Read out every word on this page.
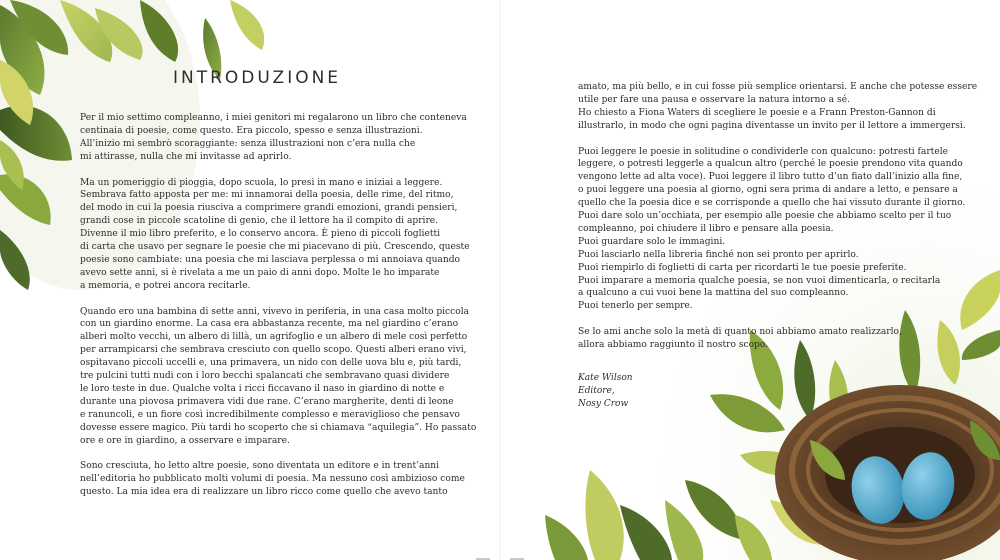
INTRODUZIONE

Per il mio settimo compleanno, i miei genitori mi regalarono un libro che conteneva
centinaia di poesie, come questo. Era piccolo, spesso e senza illustrazioni.
All’inizio mi sembrò scoraggiante: senza illustrazioni non c’era nulla che
mi attirasse, nulla che mi invitasse ad aprirlo.

Ma un pomeriggio di pioggia, dopo scuola, lo presi in mano e iniziai a leggere.
Sembrava fatto apposta per me: mi innamorai della poesia, delle rime, del ritmo,
del modo in cui la poesia riusciva a comprimere grandi emozioni, grandi pensieri,
grandi cose in piccole scatoline di genio, che il lettore ha il compito di aprire.
Divenne il mio libro preferito, e lo conservo ancora. È pieno di piccoli foglietti
di carta che usavo per segnare le poesie che mi piacevano di più. Crescendo, queste
poesie sono cambiate: una poesia che mi lasciava perplessa o mi annoiava quando
avevo sette anni, si è rivelata a me un paio di anni dopo. Molte le ho imparate
a memoria, e potrei ancora recitarle.

Quando ero una bambina di sette anni, vivevo in periferia, in una casa molto piccola
con un giardino enorme. La casa era abbastanza recente, ma nel giardino c’erano
alberi molto vecchi, un albero di lillà, un agrifoglio e un albero di mele così perfetto
per arrampicarsi che sembrava cresciuto con quello scopo. Questi alberi erano vivi,
ospitavano piccoli uccelli e, una primavera, un nido con delle uova blu e, più tardi,
tre pulcini tutti nudi con i loro becchi spalancati che sembravano quasi dividere
le loro teste in due. Qualche volta i ricci ficcavano il naso in giardino di notte e
durante una piovosa primavera vidi due rane. C’erano margherite, denti di leone
e ranuncoli, e un fiore così incredibilmente complesso e meraviglioso che pensavo
dovesse essere magico. Più tardi ho scoperto che si chiamava “aquilegia”. Ho passato
ore e ore in giardino, a osservare e imparare.

Sono cresciuta, ho letto altre poesie, sono diventata un editore e in trent’anni
nell’editoria ho pubblicato molti volumi di poesia. Ma nessuno così ambizioso come
questo. La mia idea era di realizzare un libro ricco come quello che avevo tanto

amato, ma più bello, e in cui fosse più semplice orientarsi. E anche che potesse essere
utile per fare una pausa e osservare la natura intorno a sé.
Ho chiesto a Fiona Waters di scegliere le poesie e a Frann Preston-Gannon di
illustrarlo, in modo che ogni pagina diventasse un invito per il lettore a immergersi.

Puoi leggere le poesie in solitudine o condividerle con qualcuno: potresti fartele
leggere, o potresti leggerle a qualcun altro (perché le poesie prendono vita quando
vengono lette ad alta voce). Puoi leggere il libro tutto d’un fiato dall’inizio alla fine,
o puoi leggere una poesia al giorno, ogni sera prima di andare a letto, e pensare a
quello che la poesia dice e se corrisponde a quello che hai vissuto durante il giorno.
Puoi dare solo un’occhiata, per esempio alle poesie che abbiamo scelto per il tuo
compleanno, poi chiudere il libro e pensare alla poesia.
Puoi guardare solo le immagini.
Puoi lasciarlo nella libreria finché non sei pronto per aprirlo.
Puoi riempirlo di foglietti di carta per ricordarti le tue poesie preferite.
Puoi imparare a memoria qualche poesia, se non vuoi dimenticarla, o recitarla
a qualcuno a cui vuoi bene la mattina del suo compleanno.
Puoi tenerlo per sempre.

Se lo ami anche solo la metà di quanto noi abbiamo amato realizzarlo,
allora abbiamo raggiunto il nostro scopo.

Kate Wilson
Editore,
Nosy Crow
